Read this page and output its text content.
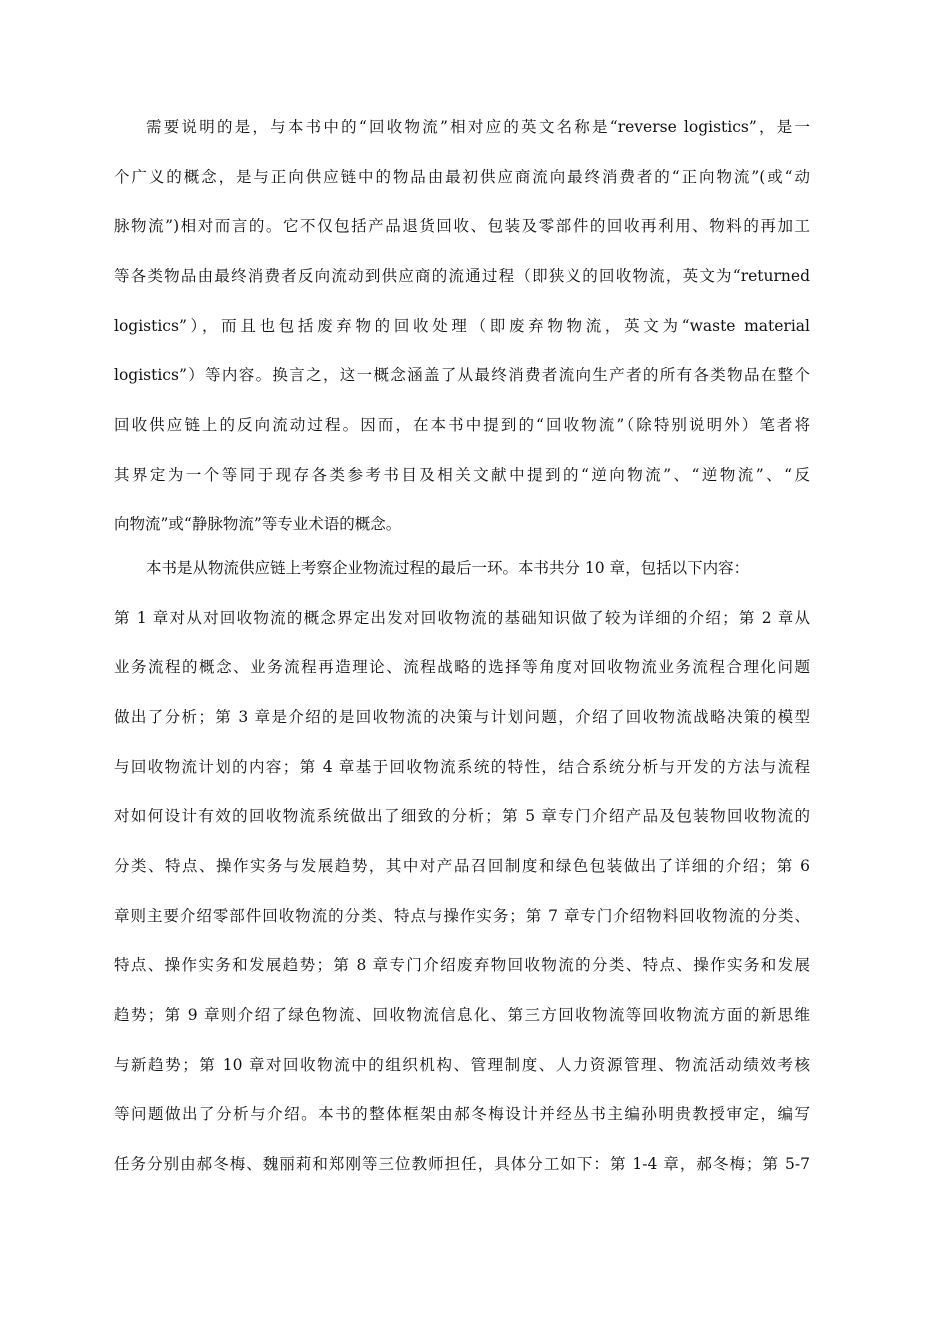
需要说明的是，与本书中的“回收物流”相对应的英文名称是“reverse logistics”，是一
个广义的概念，是与正向供应链中的物品由最初供应商流向最终消费者的“正向物流”(或“动
脉物流”)相对而言的。它不仅包括产品退货回收、包装及零部件的回收再利用、物料的再加工
等各类物品由最终消费者反向流动到供应商的流通过程（即狭义的回收物流，英文为“returned
logistics”），而且也包括废弃物的回收处理（即废弃物物流，英文为“waste material
logistics”）等内容。换言之，这一概念涵盖了从最终消费者流向生产者的所有各类物品在整个
回收供应链上的反向流动过程。因而，在本书中提到的“回收物流”（除特别说明外）笔者将
其界定为一个等同于现存各类参考书目及相关文献中提到的“逆向物流”、“逆物流”、“反
向物流”或“静脉物流”等专业术语的概念。
本书是从物流供应链上考察企业物流过程的最后一环。本书共分 10 章，包括以下内容：
第 1 章对从对回收物流的概念界定出发对回收物流的基础知识做了较为详细的介绍；第 2 章从
业务流程的概念、业务流程再造理论、流程战略的选择等角度对回收物流业务流程合理化问题
做出了分析；第 3 章是介绍的是回收物流的决策与计划问题，介绍了回收物流战略决策的模型
与回收物流计划的内容；第 4 章基于回收物流系统的特性，结合系统分析与开发的方法与流程
对如何设计有效的回收物流系统做出了细致的分析；第 5 章专门介绍产品及包装物回收物流的
分类、特点、操作实务与发展趋势，其中对产品召回制度和绿色包装做出了详细的介绍；第 6
章则主要介绍零部件回收物流的分类、特点与操作实务；第 7 章专门介绍物料回收物流的分类、
特点、操作实务和发展趋势；第 8 章专门介绍废弃物回收物流的分类、特点、操作实务和发展
趋势；第 9 章则介绍了绿色物流、回收物流信息化、第三方回收物流等回收物流方面的新思维
与新趋势；第 10 章对回收物流中的组织机构、管理制度、人力资源管理、物流活动绩效考核
等问题做出了分析与介绍。本书的整体框架由郝冬梅设计并经丛书主编孙明贵教授审定，编写
任务分别由郝冬梅、魏丽莉和郑刚等三位教师担任，具体分工如下：第 1-4 章，郝冬梅；第 5-7
